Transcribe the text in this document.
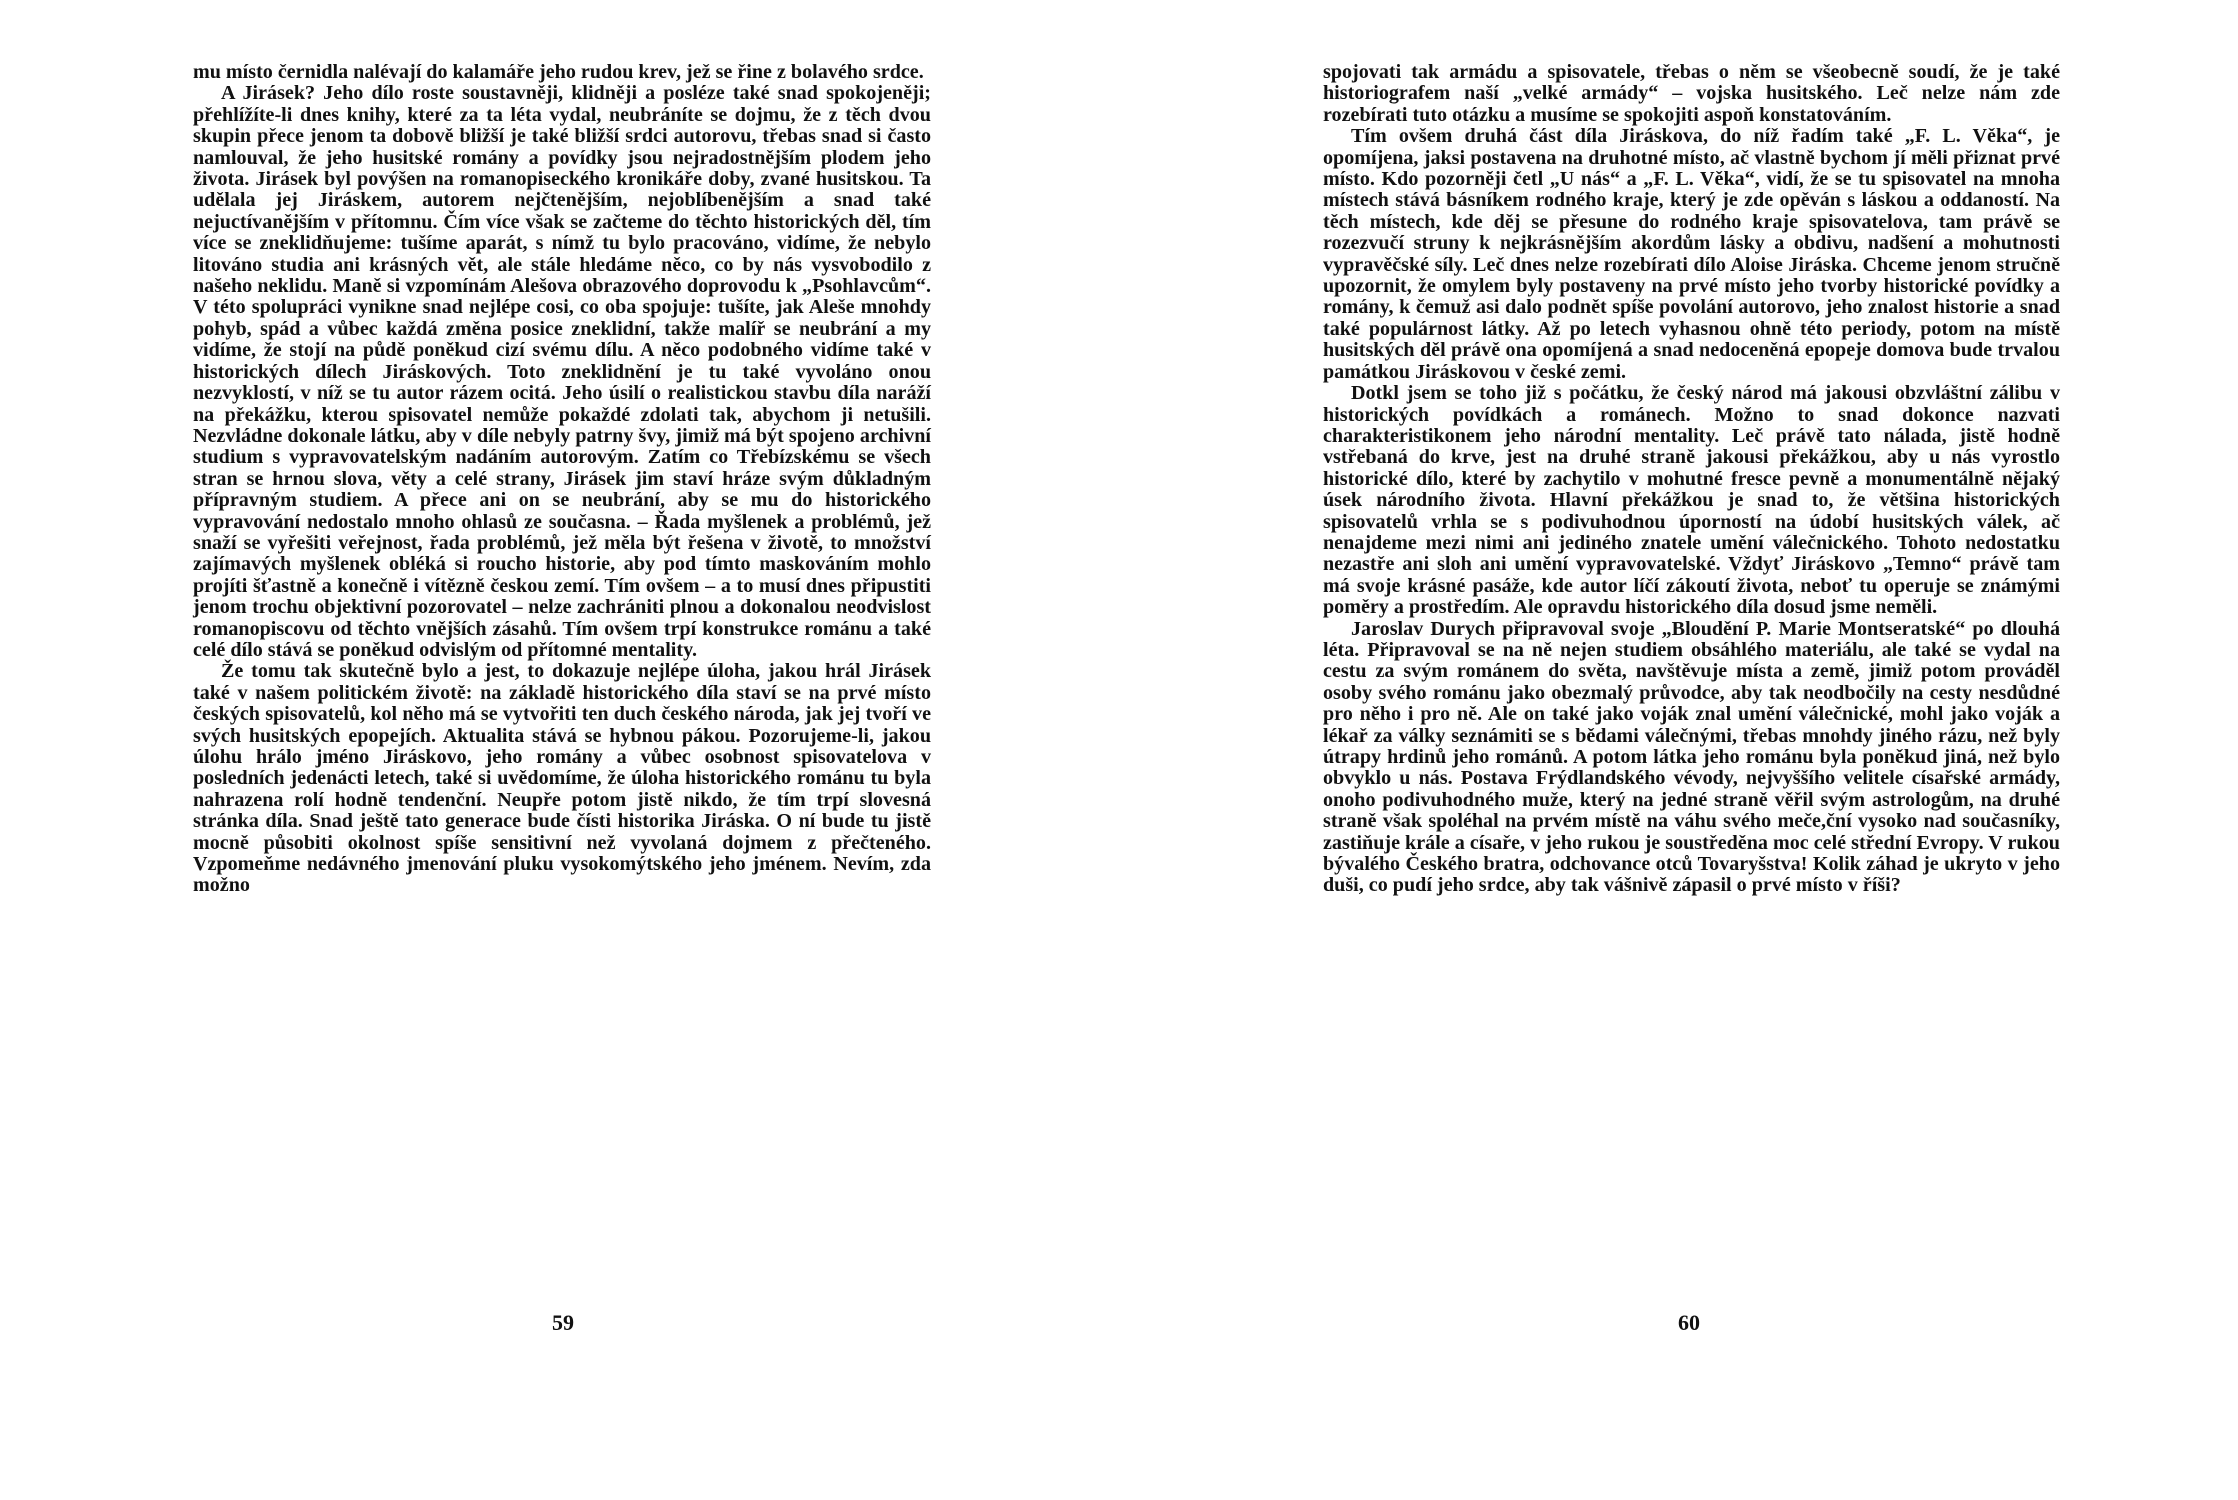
mu místo černidla nalévají do kalamáře jeho rudou krev, jež se řine z bolavého srdce.

A Jirásek? Jeho dílo roste soustavněji, klidněji a posléze také snad spokojeněji; přehlížíte-li dnes knihy, které za ta léta vydal, neubráníte se dojmu, že z těch dvou skupin přece jenom ta dobově bližší je také bližší srdci autorovu, třebas snad si často namlouval, že jeho husitské romány a povídky jsou nejradostnějším plodem jeho života. Jirásek byl povýšen na romanopiseckého kronikáře doby, zvané husitskou. Ta udělala jej Jiráskem, autorem nejčtenějším, nejoblíbenějším a snad také nejuctívanějším v přítomnu. Čím více však se začteme do těchto historických děl, tím více se zneklidňujeme: tušíme aparát, s nímž tu bylo pracováno, vidíme, že nebylo litováno studia ani krásných vět, ale stále hledáme něco, co by nás vysvobodilo z našeho neklidu. Maně si vzpomínám Alešova obrazového doprovodu k „Psohlavcům“. V této spolupráci vynikne snad nejlépe cosi, co oba spojuje: tušíte, jak Aleše mnohdy pohyb, spád a vůbec každá změna posice zneklidní, takže malíř se neubrání a my vidíme, že stojí na půdě poněkud cizí svému dílu. A něco podobného vidíme také v historických dílech Jiráskových. Toto zneklidnění je tu také vyvoláno onou nezvyklostí, v níž se tu autor rázem ocitá. Jeho úsilí o realistickou stavbu díla naráží na překážku, kterou spisovatel nemůže pokaždé zdolati tak, abychom ji netušili. Nezvládne dokonale látku, aby v díle nebyly patrny švy, jimiž má být spojeno archivní studium s vypravovatelským nadáním autorovým. Zatím co Třebízskému se všech stran se hrnou slova, věty a celé strany, Jirásek jim staví hráze svým důkladným přípravným studiem. A přece ani on se neubrání, aby se mu do historického vypravování nedostalo mnoho ohlasů ze současna. – Řada myšlenek a problémů, jež snaží se vyřešiti veřejnost, řada problémů, jež měla být řešena v životě, to množství zajímavých myšlenek obléká si roucho historie, aby pod tímto maskováním mohlo projíti šťastně a konečně i vítězně českou zemí. Tím ovšem – a to musí dnes připustiti jenom trochu objektivní pozorovatel – nelze zachrániti plnou a dokonalou neodvislost romanopiscovu od těchto vnějších zásahů. Tím ovšem trpí konstrukce románu a také celé dílo stává se poněkud odvislým od přítomné mentality.

Že tomu tak skutečně bylo a jest, to dokazuje nejlépe úloha, jakou hrál Jirásek také v našem politickém životě: na základě historického díla staví se na prvé místo českých spisovatelů, kol něho má se vytvořiti ten duch českého národa, jak jej tvoří ve svých husitských epopejích. Aktualita stává se hybnou pákou. Pozorujeme-li, jakou úlohu hrálo jméno Jiráskovo, jeho romány a vůbec osobnost spisovatelova v posledních jedenácti letech, také si uvědomíme, že úloha historického románu tu byla nahrazena rolí hodně tendenční. Neupře potom jistě nikdo, že tím trpí slovesná stránka díla. Snad ještě tato generace bude čísti historika Jiráska. O ní bude tu jistě mocně působiti okolnost spíše sensitivní než vyvolaná dojmem z přečteného. Vzpomeňme nedávného jmenování pluku vysokomýtského jeho jménem. Nevím, zda možno

59

spojovati tak armádu a spisovatele, třebas o něm se všeobecně soudí, že je také historiografem naší „velké armády“ – vojska husitského. Leč nelze nám zde rozebírati tuto otázku a musíme se spokojiti aspoň konstatováním.

Tím ovšem druhá část díla Jiráskova, do níž řadím také „F. L. Věka“, je opomíjena, jaksi postavena na druhotné místo, ač vlastně bychom jí měli přiznat prvé místo. Kdo pozorněji četl „U nás“ a „F. L. Věka“, vidí, že se tu spisovatel na mnoha místech stává básníkem rodného kraje, který je zde opěván s láskou a oddaností. Na těch místech, kde děj se přesune do rodného kraje spisovatelova, tam právě se rozezvučí struny k nejkrásnějším akordům lásky a obdivu, nadšení a mohutnosti vypravěčské síly. Leč dnes nelze rozebírati dílo Aloise Jiráska. Chceme jenom stručně upozornit, že omylem byly postaveny na prvé místo jeho tvorby historické povídky a romány, k čemuž asi dalo podnět spíše povolání autorovo, jeho znalost historie a snad také populárnost látky. Až po letech vyhasnou ohně této periody, potom na místě husitských děl právě ona opomíjená a snad nedoceněná epopeje domova bude trvalou památkou Jiráskovou v české zemi.

Dotkl jsem se toho již s počátku, že český národ má jakousi obzvláštní zálibu v historických povídkách a románech. Možno to snad dokonce nazvati charakteristikonem jeho národní mentality. Leč právě tato nálada, jistě hodně vstřebaná do krve, jest na druhé straně jakousi překážkou, aby u nás vyrostlo historické dílo, které by zachytilo v mohutné fresce pevně a monumentálně nějaký úsek národního života. Hlavní překážkou je snad to, že většina historických spisovatelů vrhla se s podivuhodnou úporností na údobí husitských válek, ač nenajdeme mezi nimi ani jediného znatele umění válečnického. Tohoto nedostatku nezastře ani sloh ani umění vypravovatelské. Vždyť Jiráskovo „Temno“ právě tam má svoje krásné pasáže, kde autor líčí zákoutí života, neboť tu operuje se známými poměry a prostředím. Ale opravdu historického díla dosud jsme neměli.

Jaroslav Durych připravoval svoje „Bloudění P. Marie Montseratské“ po dlouhá léta. Připravoval se na ně nejen studiem obsáhlého materiálu, ale také se vydal na cestu za svým románem do světa, navštěvuje místa a země, jimiž potom prováděl osoby svého románu jako obezmalý průvodce, aby tak neodbočily na cesty nesdůdné pro něho i pro ně. Ale on také jako voják znal umění válečnické, mohl jako voják a lékař za války seznámiti se s bědami válečnými, třebas mnohdy jiného rázu, než byly útrapy hrdinů jeho románů. A potom látka jeho románu byla poněkud jiná, než bylo obvyklo u nás. Postava Frýdlandského vévody, nejvyššího velitele císařské armády, onoho podivuhodného muže, který na jedné straně věřil svým astrologům, na druhé straně však spoléhal na prvém místě na váhu svého meče,ční vysoko nad současníky, zastiňuje krále a císaře, v jeho rukou je soustředěna moc celé střední Evropy. V rukou bývalého Českého bratra, odchovance otců Tovaryšstva! Kolik záhad je ukryto v jeho duši, co pudí jeho srdce, aby tak vášnivě zápasil o prvé místo v říši?

60
